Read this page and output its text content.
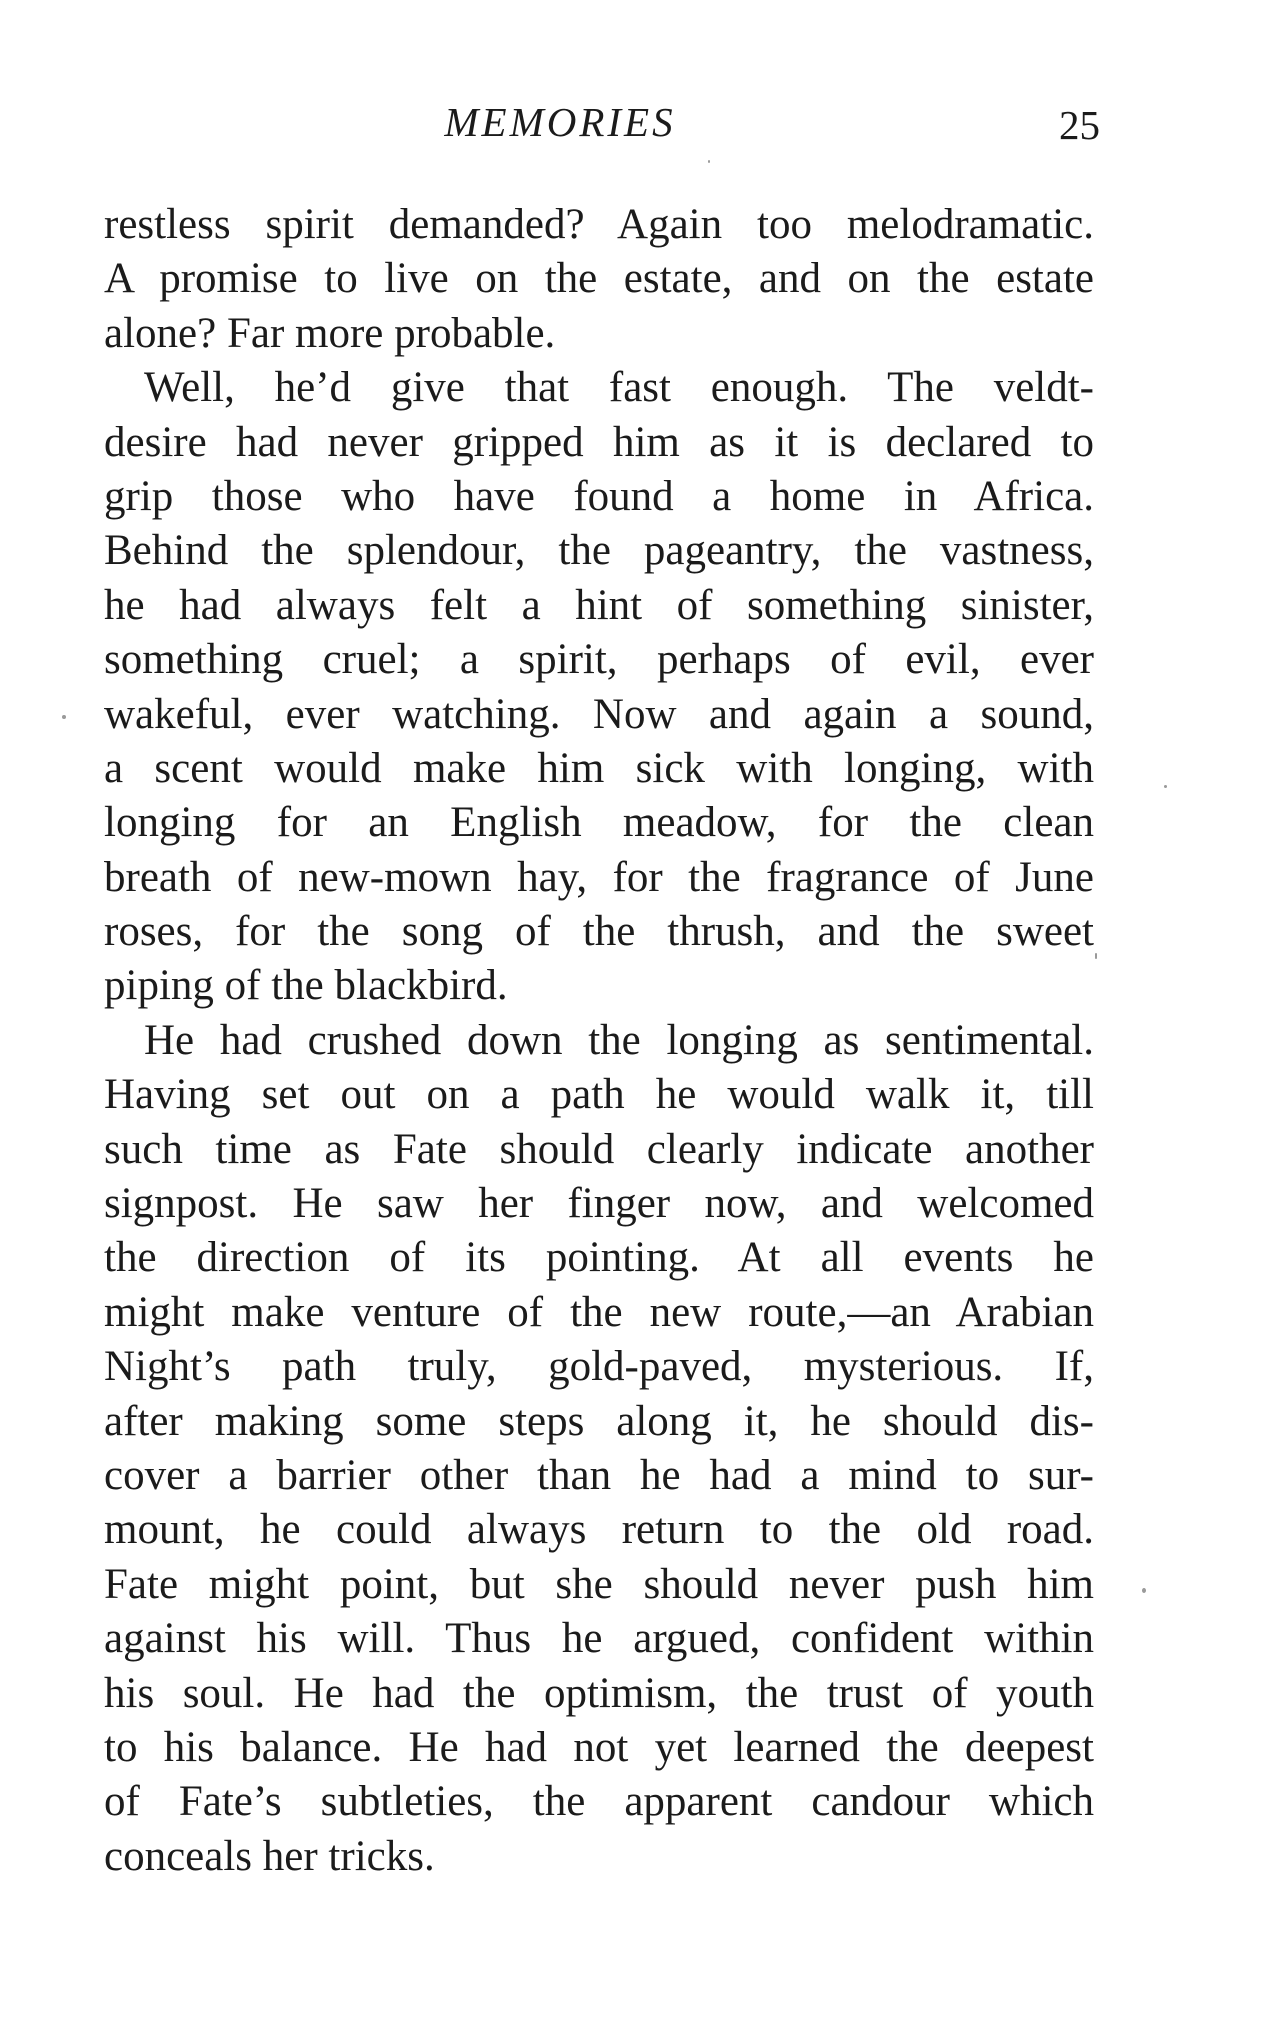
MEMORIES	25
restless spirit demanded? Again too melodramatic.
A promise to live on the estate, and on the estate
alone? Far more probable.
Well, he’d give that fast enough. The veldt-
desire had never gripped him as it is declared to
grip those who have found a home in Africa.
Behind the splendour, the pageantry, the vastness,
he had always felt a hint of something sinister,
something cruel; a spirit, perhaps of evil, ever
wakeful, ever watching. Now and again a sound,
a scent would make him sick with longing, with
longing for an English meadow, for the clean
breath of new-mown hay, for the fragrance of June
roses, for the song of the thrush, and the sweet
piping of the blackbird.
He had crushed down the longing as sentimental.
Having set out on a path he would walk it, till
such time as Fate should clearly indicate another
signpost. He saw her finger now, and welcomed
the direction of its pointing. At all events he
might make venture of the new route,—an Arabian
Night’s path truly, gold-paved, mysterious. If,
after making some steps along it, he should dis-
cover a barrier other than he had a mind to sur-
mount, he could always return to the old road.
Fate might point, but she should never push him
against his will. Thus he argued, confident within
his soul. He had the optimism, the trust of youth
to his balance. He had not yet learned the deepest
of Fate’s subtleties, the apparent candour which
conceals her tricks.
